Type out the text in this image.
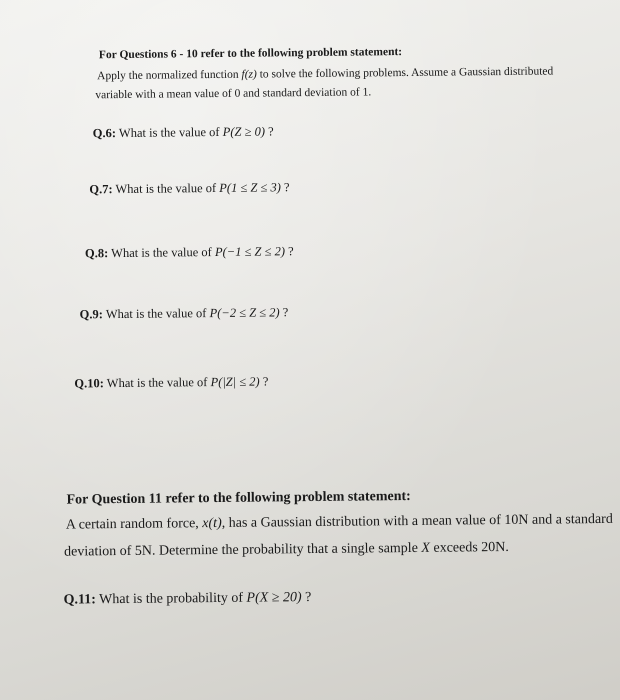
For Questions 6 - 10 refer to the following problem statement:
Apply the normalized function f(z) to solve the following problems. Assume a Gaussian distributed
variable with a mean value of 0 and standard deviation of 1.
Q.6: What is the value of P(Z ≥ 0) ?
Q.7: What is the value of P(1 ≤ Z ≤ 3) ?
Q.8: What is the value of P(−1 ≤ Z ≤ 2) ?
Q.9: What is the value of P(−2 ≤ Z ≤ 2) ?
Q.10: What is the value of P(|Z| ≤ 2) ?
For Question 11 refer to the following problem statement:
A certain random force, x(t), has a Gaussian distribution with a mean value of 10N and a standard
deviation of 5N. Determine the probability that a single sample X exceeds 20N.
Q.11: What is the probability of P(X ≥ 20) ?
